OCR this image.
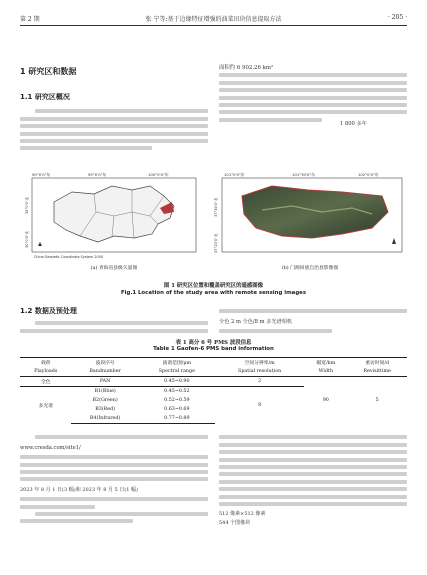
第 2 期	张 宁等:基于边缘特征增强的油菜田块信息提取方法	· 205 ·
1 研究区和数据
1.1 研究区概况
面积约 6 902.26 km²
1 800 多年
90°0'0"东	95°0'0"东	100°0'0"东
35°0'0"北
30°0'0"北
China Geodetic Coordinate System 2000
(a) 青海省县级矢量图
101°0'0"东	101°30'0"东	102°0'0"东
37°40'0"北
37°20'0"北
(b) 门源回族自治县影像图
图 1 研究区位置和覆盖研究区的遥感图像
Fig.1 Location of the study area with remote sensing images
1.2 数据及预处理
全色 2 m 全色/8 m 多光谱相机
表 1 高分 6 号 PMS 波段信息
Table 1 Gaofen-6 PMS band information
载荷	波段序号	波谱范围/μm	空间分辨率/m	幅宽/km	重访时间/d
Playloads	Bandnumber	Spectral range	Spatial resolution	Width	Revisittime
全色	PAN	0.45~0.90	2	90	5
多光谱	B1(Blue)	0.45~0.52	8		
	B2(Green)	0.52~0.59			
	B3(Red)	0.63~0.69			
	B4(Infrared)	0.77~0.89			
www.cresda.com/site1/
2023 年 8 月 1 日(3 幅)和 2023 年 8 月 5 日(1 幅)
512 像素×512 像素
544 个图像块
